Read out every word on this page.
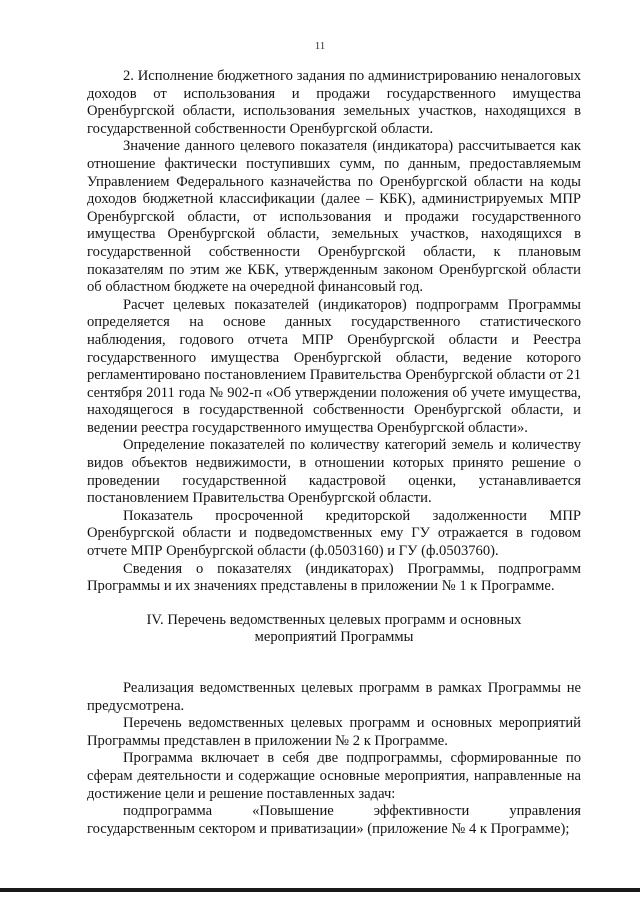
11

2. Исполнение бюджетного задания по администрированию неналоговых доходов от использования и продажи государственного имущества Оренбургской области, использования земельных участков, находящихся в государственной собственности Оренбургской области.

Значение данного целевого показателя (индикатора) рассчитывается как отношение фактически поступивших сумм, по данным, предоставляемым Управлением Федерального казначейства по Оренбургской области на коды доходов бюджетной классификации (далее – КБК), администрируемых МПР Оренбургской области, от использования и продажи государственного имущества Оренбургской области, земельных участков, находящихся в государственной собственности Оренбургской области, к плановым показателям по этим же КБК, утвержденным законом Оренбургской области об областном бюджете на очередной финансовый год.

Расчет целевых показателей (индикаторов) подпрограмм Программы определяется на основе данных государственного статистического наблюдения, годового отчета МПР Оренбургской области и Реестра государственного имущества Оренбургской области, ведение которого регламентировано постановлением Правительства Оренбургской области от 21 сентября 2011 года № 902-п «Об утверждении положения об учете имущества, находящегося в государственной собственности Оренбургской области, и ведении реестра государственного имущества Оренбургской области».

Определение показателей по количеству категорий земель и количеству видов объектов недвижимости, в отношении которых принято решение о проведении государственной кадастровой оценки, устанавливается постановлением Правительства Оренбургской области.

Показатель просроченной кредиторской задолженности МПР Оренбургской области и подведомственных ему ГУ отражается в годовом отчете МПР Оренбургской области (ф.0503160) и ГУ (ф.0503760).

Сведения о показателях (индикаторах) Программы, подпрограмм Программы и их значениях представлены в приложении № 1 к Программе.

IV. Перечень ведомственных целевых программ и основных
мероприятий Программы

Реализация ведомственных целевых программ в рамках Программы не предусмотрена.

Перечень ведомственных целевых программ и основных мероприятий Программы представлен в приложении № 2 к Программе.

Программа включает в себя две подпрограммы, сформированные по сферам деятельности и содержащие основные мероприятия, направленные на достижение цели и решение поставленных задач:

подпрограмма «Повышение эффективности управления государственным сектором и приватизации» (приложение № 4 к Программе);
